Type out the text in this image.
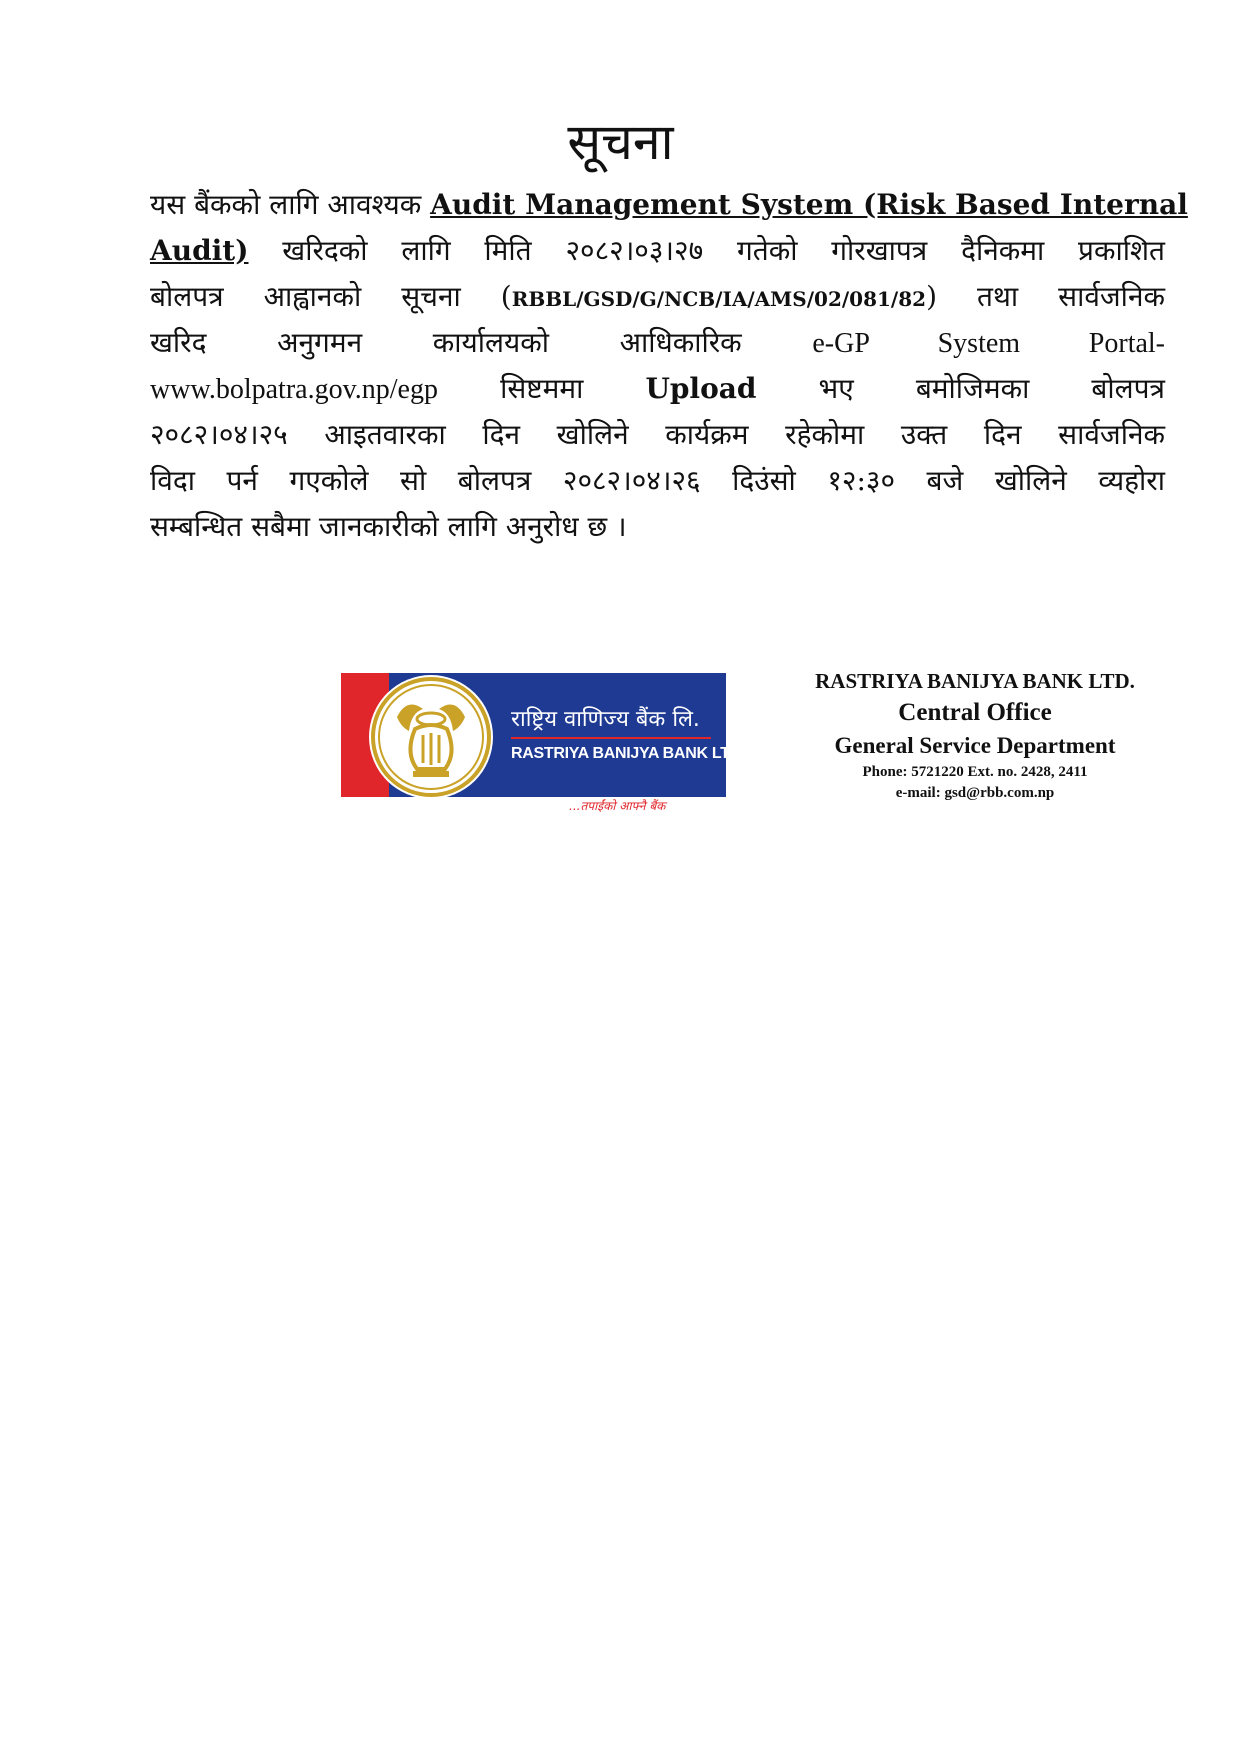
सूचना
यस बैंकको लागि आवश्यक Audit Management System (Risk Based Internal
Audit) खरिदको लागि मिति २०८२।०३।२७ गतेको गोरखापत्र दैनिकमा प्रकाशित
बोलपत्र आह्वानको सूचना (RBBL/GSD/G/NCB/IA/AMS/02/081/82) तथा सार्वजनिक
खरिद अनुगमन कार्यालयको आधिकारिक e-GP System Portal-
www.bolpatra.gov.np/egp सिष्टममा Upload भए बमोजिमका बोलपत्र
२०८२।०४।२५ आइतवारका दिन खोलिने कार्यक्रम रहेकोमा उक्त दिन सार्वजनिक
विदा पर्न गएकोले सो बोलपत्र २०८२।०४।२६ दिउंसो १२:३० बजे खोलिने व्यहोरा
सम्बन्धित सबैमा जानकारीको लागि अनुरोध छ ।
राष्ट्रिय वाणिज्य बैंक लि.
RASTRIYA BANIJYA BANK LTD.
...तपाईंको आफ्नै बैंक
RASTRIYA BANIJYA BANK LTD.
Central Office
General Service Department
Phone: 5721220 Ext. no. 2428, 2411
e-mail: gsd@rbb.com.np
